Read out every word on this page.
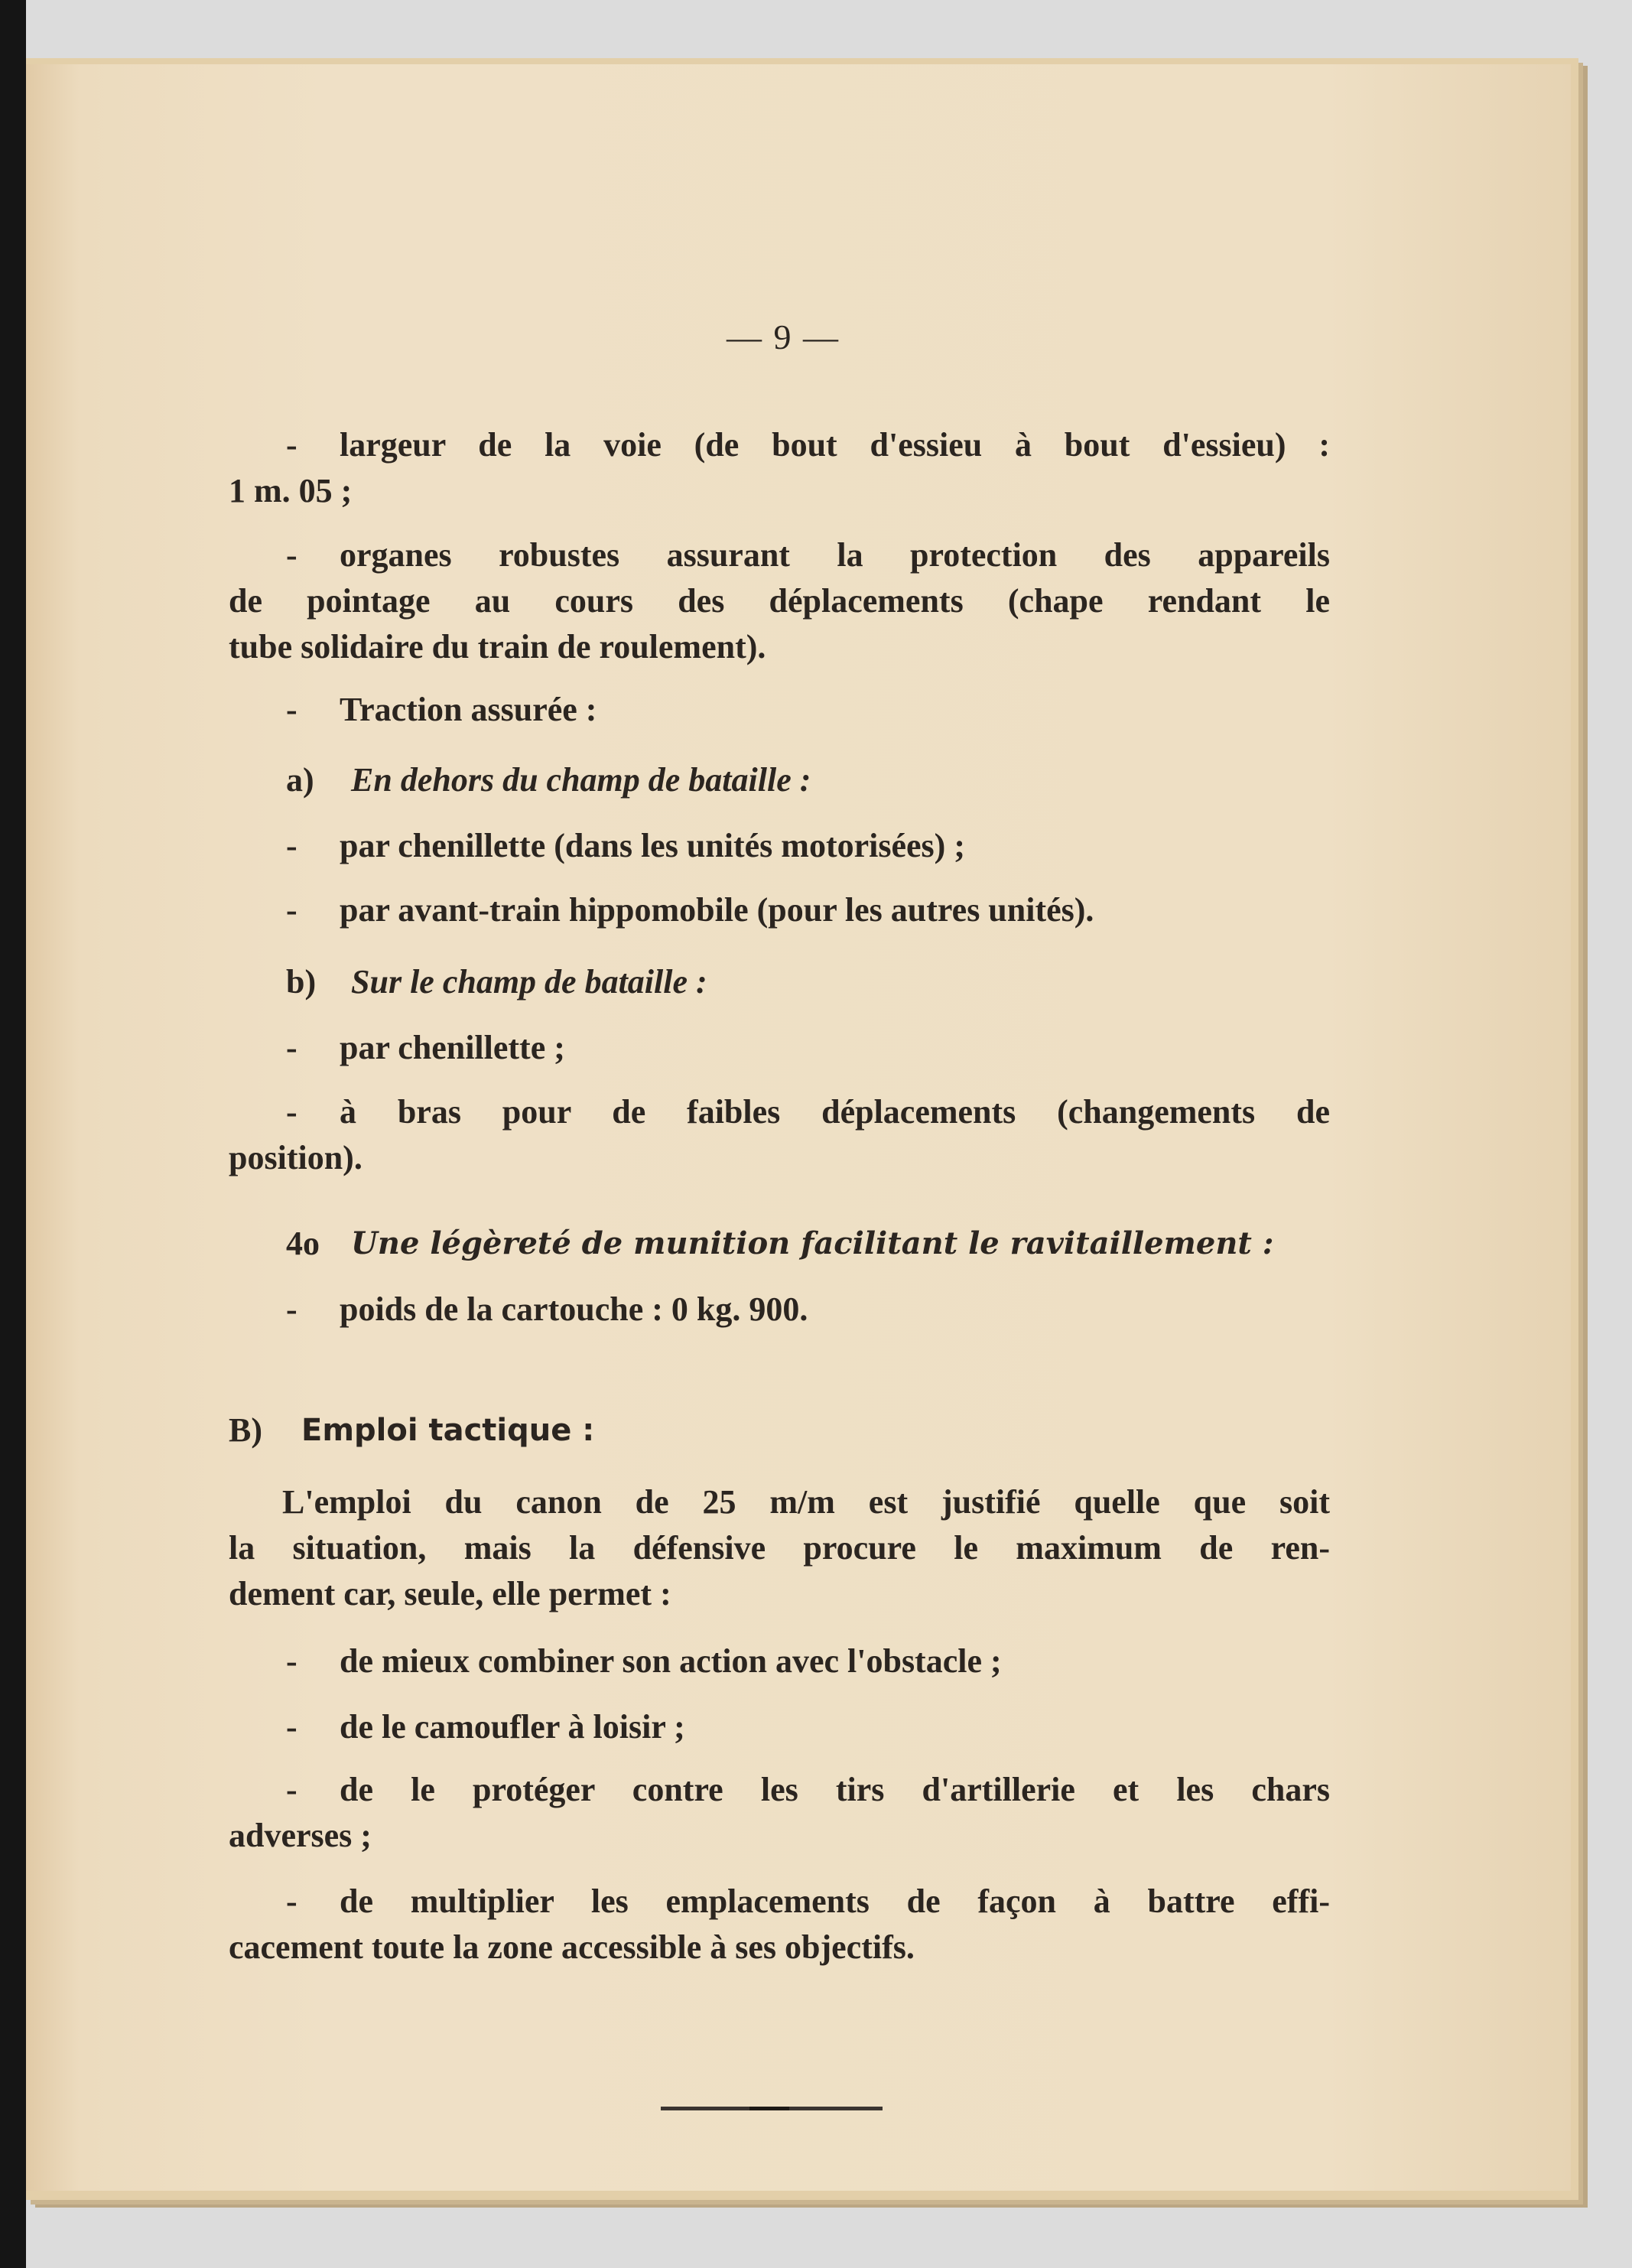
— 9 —
- largeur de la voie (de bout d'essieu à bout d'essieu) :
1 m. 05 ;
- organes robustes assurant la protection des appareils
de pointage au cours des déplacements (chape rendant le
tube solidaire du train de roulement).
- Traction assurée :
a) En dehors du champ de bataille :
- par chenillette (dans les unités motorisées) ;
- par avant-train hippomobile (pour les autres unités).
b) Sur le champ de bataille :
- par chenillette ;
- à bras pour de faibles déplacements (changements de
position).
4o Une légèreté de munition facilitant le ravitaillement :
- poids de la cartouche : 0 kg. 900.
B) Emploi tactique :
L'emploi du canon de 25 m/m est justifié quelle que soit
la situation, mais la défensive procure le maximum de ren-
dement car, seule, elle permet :
- de mieux combiner son action avec l'obstacle ;
- de le camoufler à loisir ;
- de le protéger contre les tirs d'artillerie et les chars
adverses ;
- de multiplier les emplacements de façon à battre effi-
cacement toute la zone accessible à ses objectifs.
